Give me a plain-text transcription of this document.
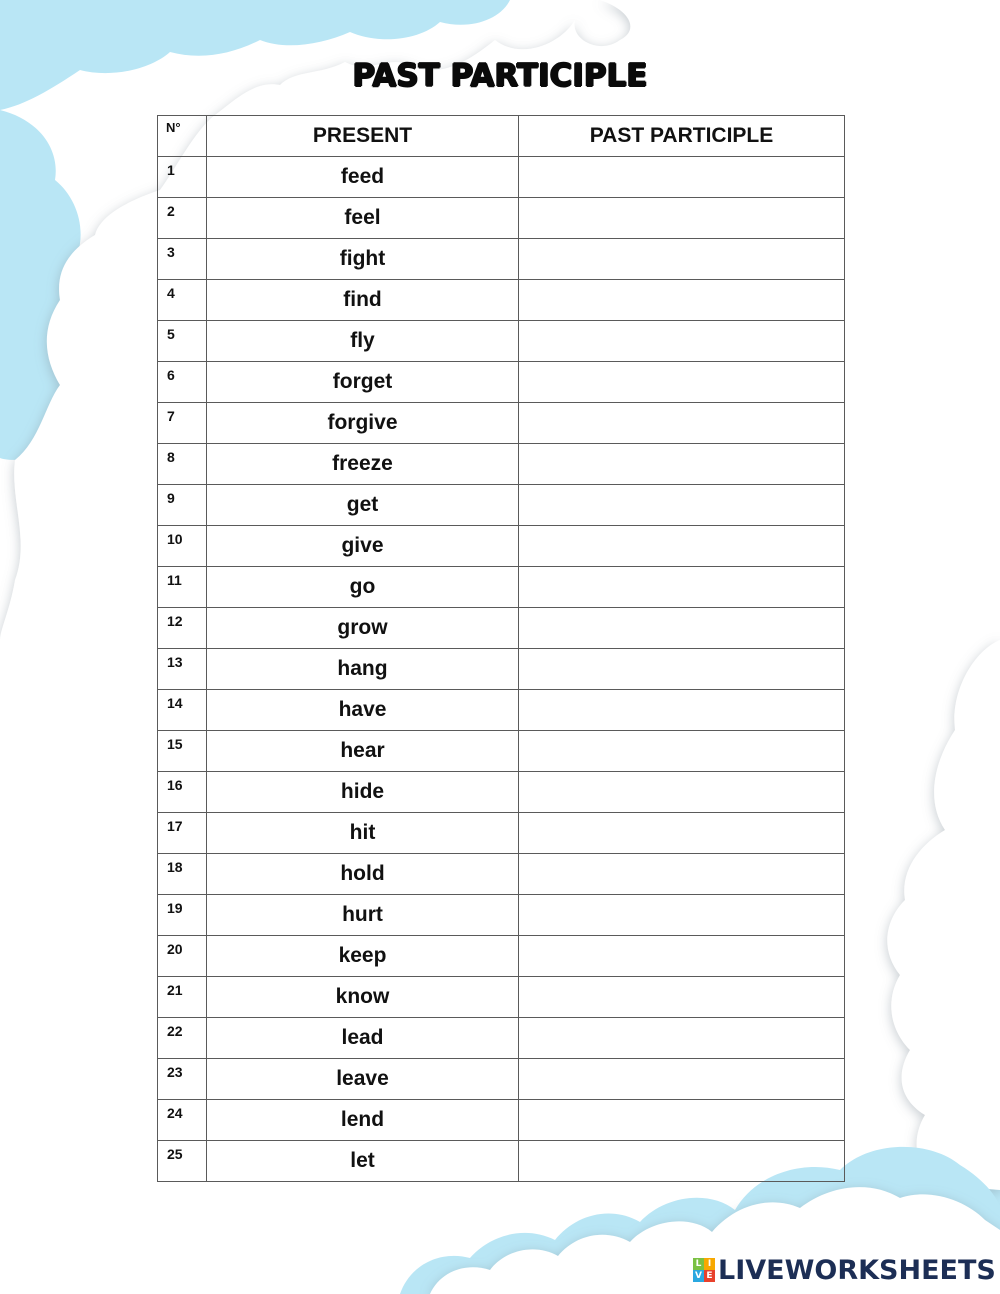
PAST PARTICIPLE
N°	PRESENT	PAST PARTICIPLE
1	feed	
2	feel	
3	fight	
4	find	
5	fly	
6	forget	
7	forgive	
8	freeze	
9	get	
10	give	
11	go	
12	grow	
13	hang	
14	have	
15	hear	
16	hide	
17	hit	
18	hold	
19	hurt	
20	keep	
21	know	
22	lead	
23	leave	
24	lend	
25	let	
L I
V E LIVEWORKSHEETS
